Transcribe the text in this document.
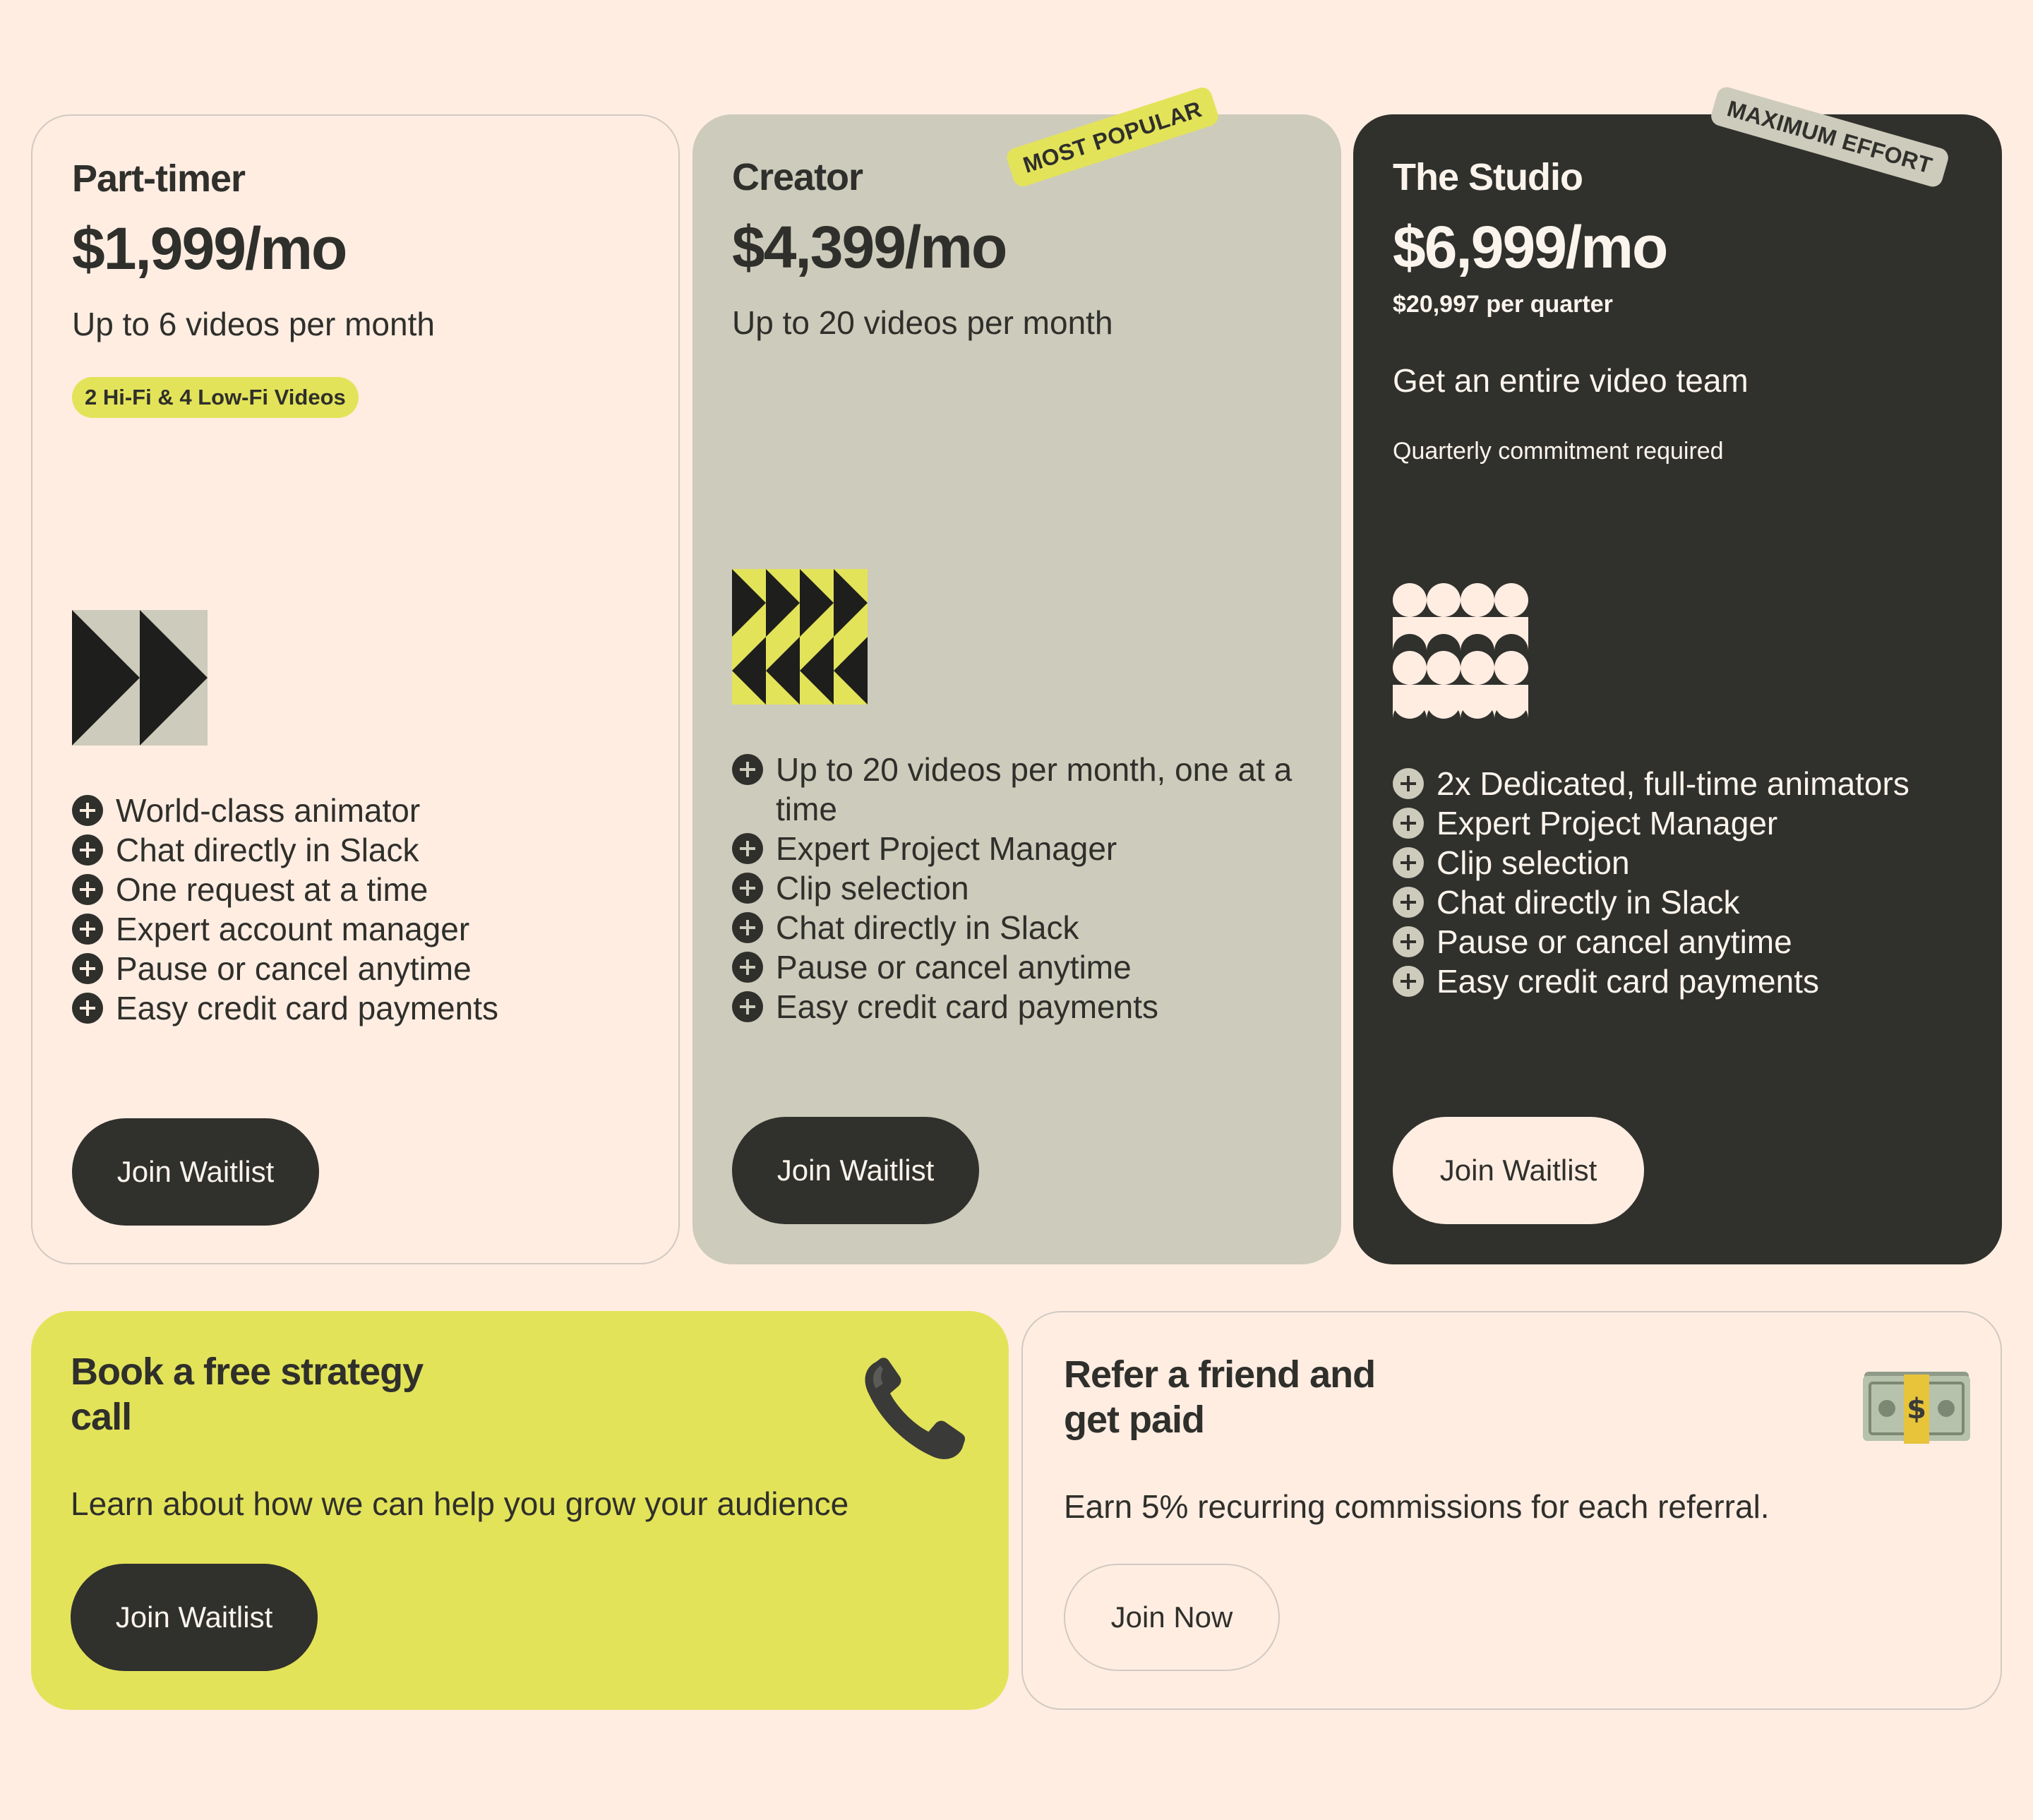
Part-timer
$1,999/mo
Up to 6 videos per month
2 Hi-Fi & 4 Low-Fi Videos
World-class animator
Chat directly in Slack
One request at a time
Expert account manager
Pause or cancel anytime
Easy credit card payments
Join Waitlist
MOST POPULAR
Creator
$4,399/mo
Up to 20 videos per month
Up to 20 videos per month, one at a time
Expert Project Manager
Clip selection
Chat directly in Slack
Pause or cancel anytime
Easy credit card payments
Join Waitlist
MAXIMUM EFFORT
The Studio
$6,999/mo
$20,997 per quarter
Get an entire video team
Quarterly commitment required
2x Dedicated, full-time animators
Expert Project Manager
Clip selection
Chat directly in Slack
Pause or cancel anytime
Easy credit card payments
Join Waitlist
Book a free strategy call
Learn about how we can help you grow your audience
Join Waitlist
Refer a friend and get paid	$
Earn 5% recurring commissions for each referral.
Join Now
